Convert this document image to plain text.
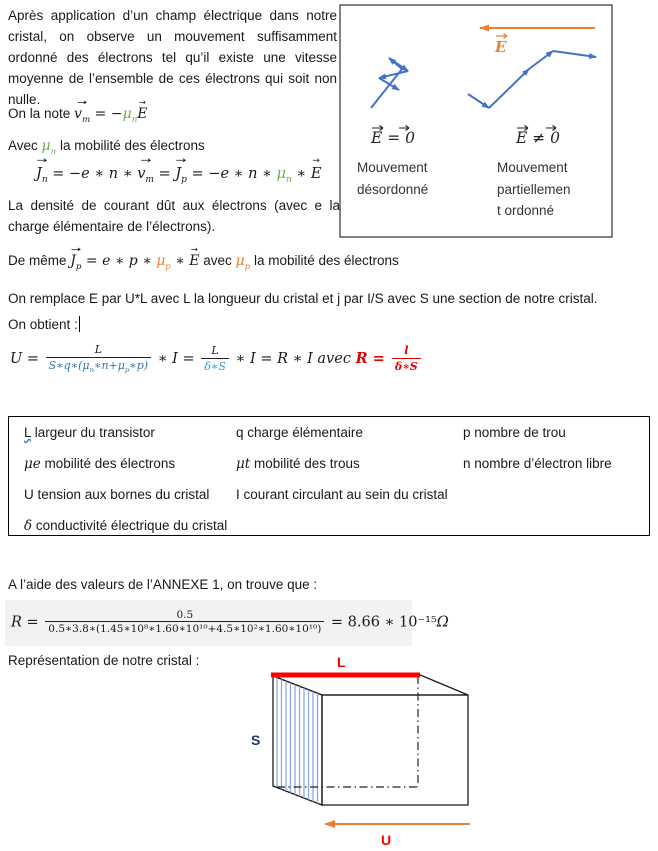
Après application d’un champ électrique dans notre cristal, on observe un mouvement suffisamment ordonné des électrons tel qu’il existe une vitesse moyenne de l’ensemble de ces électrons qui soit non nulle.

On la note $v_m$ → = $-\mu_nE$ →
Avec $\mu_n$ la mobilité des électrons
$J_n$ → = −e ∗ n ∗ $v_m$ → = $J_p$ → = −e ∗ n ∗ $\mu_n$ ∗ E →

La densité de courant dût aux électrons (avec e la charge élémentaire de l’électrons).

De même $J_p$ → = e ∗ p ∗ $\mu_p$ ∗ E → avec $\mu_p$ la mobilité des électrons
On remplace E par U*L avec L la longueur du cristal et j par I/S avec S une section de notre cristal.
On obtient :
$U = \frac{L}{S∗q∗(\mu_n∗n+\mu_p∗p)}$ ∗ $I = \frac{L}{\delta∗S}$ ∗ I = R ∗ I avec $R = \frac{l}{\delta∗S}$
E
E = 0	E ≠ 0
Mouvement
désordonné
Mouvement
partiellemen
t ordonné
L largeur du transistor	q charge élémentaire	p nombre de trou
μe mobilité des électrons	μt mobilité des trous	n nombre d’électron libre
U tension aux bornes du cristal	I courant circulant au sein du cristal
δ conductivité électrique du cristal
A l’aide des valeurs de l’ANNEXE 1, on trouve que :
$R = \frac{0.5}{\text{0.5∗3.8∗(1.45∗10⁸∗1.60∗10¹⁰+4.5∗10²∗1.60∗10¹⁰)}} = 8.66$ ∗ 10⁻¹⁵Ω
Représentation de notre cristal :	L
S
U
